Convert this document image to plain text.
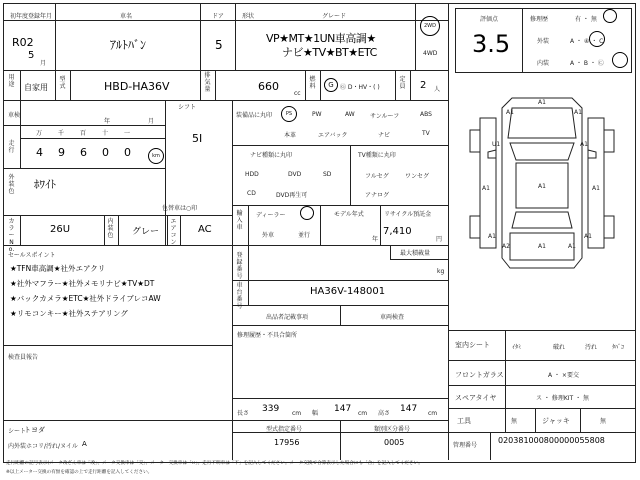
初年度登録年月
R02
5
月
車名
ｱﾙﾄﾊﾞﾝ
ドア
5
形状	グレード
VP★MT★1UN車高調★
ナビ★TV★BT★ETC
2WD
4WD
用途 自家用
型式	HBD-HA36V
排気量	660
cc
燃料 G Ⓖ D・HV・( )
定員 2 人
評価点
3.5
修理歴	有 ・ 無
外装	A ・ ④ ・ C
内装	A ・ B ・ Ⓒ
車検
年	月
シフト
5I
走行
万
4
千
9
百
6
十
0
一
0	km
外装色
ﾎﾜｲﾄ
色替車は○印
カラーNo.
26U
内装色 グレー
エアコン
AC
セールスポイント
★TFN車高調★社外エアクリ
★社外マフラー★社外メモリナビ★TV★DT
★バックカメラ★ETC★社外ドライブレコAW
★リモコンキー★社外ステアリング
検査員報告
シート
トヨダ
内外装ホコリ/汚れ/ヌイル A
装備品に丸印	PS	PW	AW	サンルーフ	ABS
本革	エアバック	ナビ	TV
ナビ種類に丸印
HDD	DVD	SD
CD	DVD再生可
TV種類に丸印
フルセグ	ワンセグ
アナログ
輸入車
ディーラー
外車	並行
モデル年式
年
リサイクル預託金
7,410
円
登録番号
最大積載量
kg
車台番号
HA36V-148001
出品者記載事項	車両検査
修理履歴・不具合箇所
長さ 339 cm 幅 147 cm 高さ 147 cm
型式指定番号
17956
類別区分番号
0005
A1
A1	A1
U1	A1
A1	A1
A1
A1	A1
A2	A1	A1
室内シート	ｲﾀﾐ	破れ	汚れ ﾀﾊﾞｺ
フロントガラス	A ・ ×要交
スペアタイヤ	ス ・ 修理KIT ・ 無
工具	無	ジャッキ	無
管理番号
020381000800000055808
走行距離の記号表示(メータ改ざん車は「改」、メータ交換車は「交」、メータ・交換車は「×」。走行不明車は「不」を記入してください。メータ交換で合算表示した場合にも「合」を記入してください。
※以上メーター交換の有無を確認の上で走行距離を記入してください。
